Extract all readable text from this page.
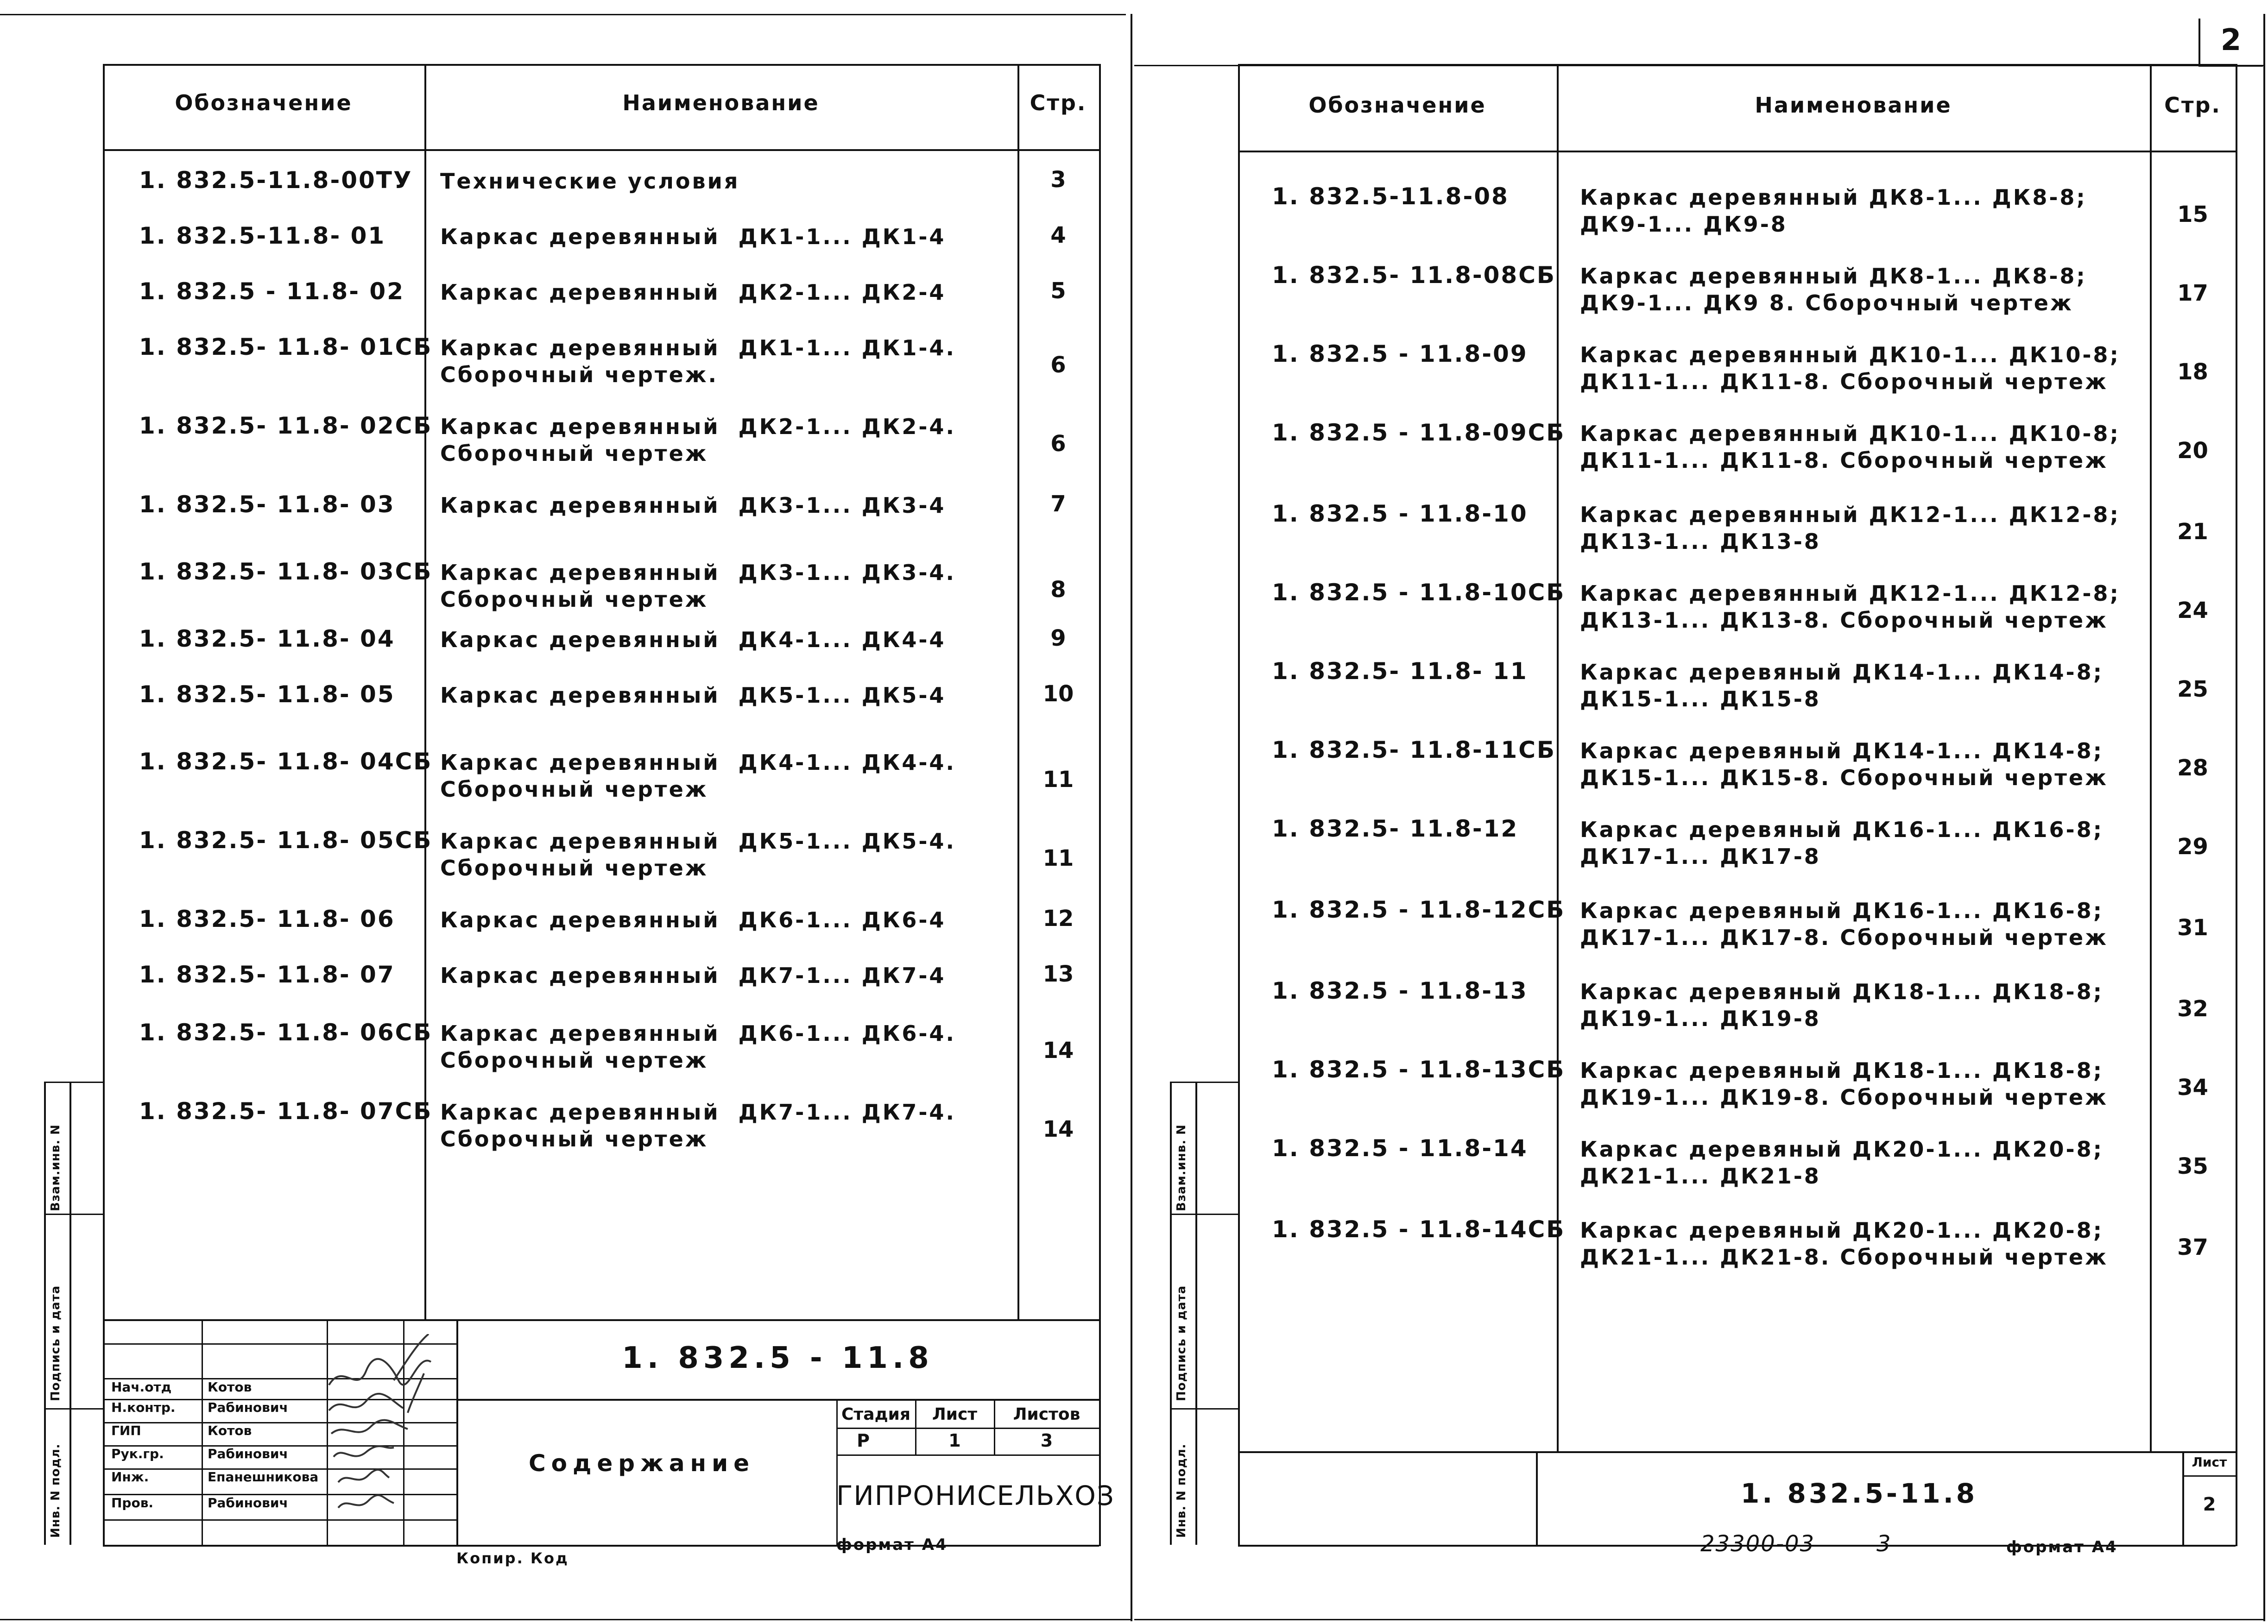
2
Обозначение	Наименование	Стр.
1. 832.5-11.8-00ТУ Технические условия	3
1. 832.5-11.8- 01	Каркас деревянный  ДК1-1... ДК1-4	4
1. 832.5 - 11.8- 02 Каркас деревянный  ДК2-1... ДК2-4	5
1. 832.5- 11.8- 01СБ Каркас деревянный  ДК1-1... ДК1-4.
Сборочный чертеж.	6
1. 832.5- 11.8- 02СБ Каркас деревянный  ДК2-1... ДК2-4.
Сборочный чертеж	6
1. 832.5- 11.8- 03 Каркас деревянный  ДК3-1... ДК3-4	7
1. 832.5- 11.8- 03СБ Каркас деревянный  ДК3-1... ДК3-4.
Сборочный чертеж	8
1. 832.5- 11.8- 04 Каркас деревянный  ДК4-1... ДК4-4	9
1. 832.5- 11.8- 05 Каркас деревянный  ДК5-1... ДК5-4	10
1. 832.5- 11.8- 04СБ Каркас деревянный  ДК4-1... ДК4-4.
Сборочный чертеж	11
1. 832.5- 11.8- 05СБ Каркас деревянный  ДК5-1... ДК5-4.
Сборочный чертеж	11
1. 832.5- 11.8- 06 Каркас деревянный  ДК6-1... ДК6-4	12
1. 832.5- 11.8- 07 Каркас деревянный  ДК7-1... ДК7-4	13
1. 832.5- 11.8- 06СБ Каркас деревянный  ДК6-1... ДК6-4.
Сборочный чертеж	14
1. 832.5- 11.8- 07СБ Каркас деревянный  ДК7-1... ДК7-4.
Сборочный чертеж	14
Взам.инв. N
Подпись и дата
Инв. N подл.
Нач.отд	Котов
Н.контр. Рабинович
ГИП	Котов
Рук.гр.	Рабинович
Инж.	Епанешникова
Пров.	Рабинович
1. 832.5 - 11.8
Содержание
Стадия	Лист	Листов
Р	1	3
ГИПРОНИСЕЛЬХОЗ
Копир. Код
формат А4
Обозначение	Наименование	Стр.
1. 832.5-11.8-08	Каркас деревянный ДК8-1... ДК8-8;
ДК9-1... ДК9-8	15
1. 832.5- 11.8-08СБ Каркас деревянный ДК8-1... ДК8-8;
ДК9-1... ДК9 8. Сборочный чертеж	17
1. 832.5 - 11.8-09 Каркас деревянный ДК10-1... ДК10-8;
ДК11-1... ДК11-8. Сборочный чертеж	18
1. 832.5 - 11.8-09СБ Каркас деревянный ДК10-1... ДК10-8;
ДК11-1... ДК11-8. Сборочный чертеж	20
1. 832.5 - 11.8-10 Каркас деревянный ДК12-1... ДК12-8;
ДК13-1... ДК13-8	21
1. 832.5 - 11.8-10СБ Каркас деревянный ДК12-1... ДК12-8;
ДК13-1... ДК13-8. Сборочный чертеж	24
1. 832.5- 11.8- 11 Каркас деревяный ДК14-1... ДК14-8;
ДК15-1... ДК15-8	25
1. 832.5- 11.8-11СБ Каркас деревяный ДК14-1... ДК14-8;
ДК15-1... ДК15-8. Сборочный чертеж	28
1. 832.5- 11.8-12	Каркас деревяный ДК16-1... ДК16-8;
ДК17-1... ДК17-8	29
1. 832.5 - 11.8-12СБ Каркас деревяный ДК16-1... ДК16-8;
ДК17-1... ДК17-8. Сборочный чертеж	31
1. 832.5 - 11.8-13 Каркас деревяный ДК18-1... ДК18-8;
ДК19-1... ДК19-8	32
1. 832.5 - 11.8-13СБ Каркас деревяный ДК18-1... ДК18-8;
ДК19-1... ДК19-8. Сборочный чертеж	34
1. 832.5 - 11.8-14 Каркас деревяный ДК20-1... ДК20-8;
ДК21-1... ДК21-8	35
1. 832.5 - 11.8-14СБ Каркас деревяный ДК20-1... ДК20-8;
ДК21-1... ДК21-8. Сборочный чертеж	37
1. 832.5-11.8
Лист
2
Взам.инв. N
Подпись и дата
Инв. N подл.
23300-03	3	формат А4
